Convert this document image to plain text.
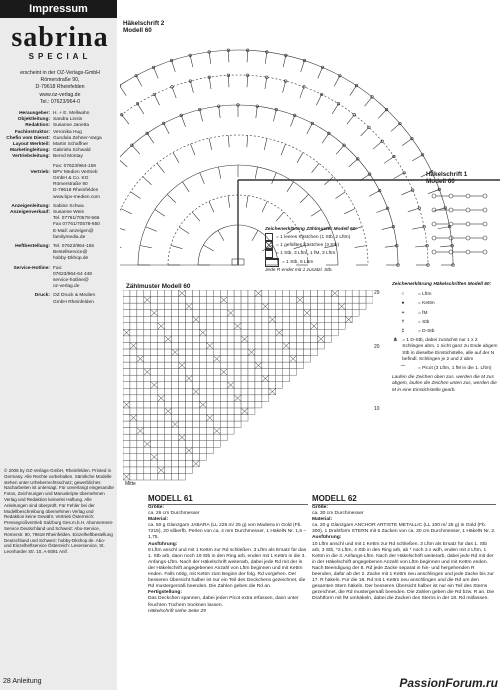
Impressum
sabrina
SPECIAL
erscheint in der OZ-Verlags-GmbH
Römerstraße 90,
D-79618 Rheinfelden
www.oz-verlag.de
Tel.: 07623/964-0
Herausgeber: H. + E. Mellwahn
Objektleitung: Sandra Linsin
Redaktion: Susanne Janetta
Fachinstruktor: Veronika Hug
Chefin vom Dienst: Gundula Zehner-Varga
Layout Werkteil: Martin Schaffner
Marketingleitung: Gabriela Schwald
Vertriebsleitung: Bernd Montay
Fax: 07623/964-159
Vertrieb: BPV Medien Vertrieb
GmbH & Co. KG
Römerstraße 90
D-79618 Rheinfelden
www.bpv-medien.com
Anzeigenleitung: Sabine Schwa
Anzeigenverkauf: Susanne Weis
Tel. 07761/70578-566
Fax 07761/70578-650
E-Mail: anzeigen@
familymedia.de
Heftbestellung: Tel. 07623/964-155
Bestellservice@
hobby-Dkhop.de
Service-Hotline: Fax:
07623/964-64 449
service-hotline@
oz-verlag.de
Druck: OZ Druck & Medien
GmbH Rheinfelden
© 2008 by OZ-Verlags-GmbH, Rheinfelden. Printed in Germany. Alle Rechte vorbehalten. Sämtliche Modelle stehen unter Urheberrechtsschutz; gewerbliches Nacharbeiten ist untersagt. Für unverlangt eingesandte Fotos, Zeichnungen und Manuskripte übernehmen Verlag und Redaktion keinerlei Haftung. Alle Anleitungen sind überprüft. Für Fehler bei der Modellbeschreibung übernehmen Verlag und Redaktion keine Gewähr. Vertrieb Österreich: Pressegroßvertrieb Salzburg Ges.m.b.H. Abonnement-Service Deutschland und Schweiz: Abo-Service, Römerstr. 90, 79618 Rheinfelden. Einzelheftbestellung Deutschland und Schweiz: hobby-Dkshop.de. Abo- und Einzelheftservice Österreich: Leserservice, St. Leonharder Str. 10, A-5081 Anif.
28 Anleitung
Häkelschrift 2
Modell 60
Häkelschrift 1
Modell 60
Zählmuster Modell 60
Zeichenerklärung Zählmuster Modell 60:
= 1 leeres Kästchen (1 Stb, 2 Lftm)
= 1 gefülltes Kästchen (3 Stb)
= 1 Stb, 3 Lftm, 1 fM, 3 Lftm
= 1 Stb, 5 Lftm
Jede R endet mit 1 zusätzl. Stb.
Zeichenerklärung Häkelschriften Modell 60:
○	= Lftm
●	= Kettm
+	= fM
†	= Stb
‡	= D-Stb
⋔ = 1 D-Stb, dabei zunächst nur 1 x 2 Schlingen abm, 1 nicht ganz zu Ende abgem Stb in dieselbe Einstichstelle, alle auf der N befindl. Schlingen je 2 und 2 abm
⌒	= Picot (3 Lftm, 1 fM in die 1. Lftm)
Laufen die Zeichen oben zus. werden die M zus abgem, laufen die Zeichen unten zus, werden die M in eine Einstichstelle gearb.
29
20
10
Mitte
MODELL 61
Größe:
ca. 26 cm Durchmesser
Material:
ca. 50 g Glanzgarn JABARA (LL 225 m/ 25 g) von Madeira in Gold (Fb. 7215), 20 silberfb. Perlen von ca. 4 mm Durchmesser, 1 HäkelN Nr. 1,5 – 1,75.
Ausführung:
8 Lftm anschl und mit 1 Kettm zur Rd schließen. 3 Lftm als Ersatz für das 1. Stb arb, dann noch 19 Stb in den Ring arb, enden mit 1 Kettm in die 3. Anfangs-Lftm. Nach der Häkelschrift weiterarb, dabei jede Rd mit der in der Häkelschrift angegebenen Anzahl von Lftm beginnen und mit Kettm enden. Falls nötig, mit Kettm zum Beginn der folg. Rd vorgehen. Der besseren Übersicht halber ist nur ein Teil des Deckchens gezeichnet, die Rd mustergemäß beenden. Die Zahlen geben die Rd an.
Fertigstellung:
Das Deckchen spannen, dabei jeden Picot extra erfassen, dann unter feuchten Tüchern trocknen lassen.
Häkelschrift siehe Seite 29
MODELL 62
Größe:
ca. 30 cm Durchmesser
Material:
ca. 20 g Glanzgarn ANCHOR ARTISTE METALLIC (LL 100 m/ 25 g) in Gold (Fb. 300), 1 Drahtform STERN mit 5 Zacken von ca. 30 cm Durchmesser, 1 HäkelN Nr. 2.
Ausführung:
10 Lftm anschl und mit 1 Kettm zur Rd schließen. 3 Lftm als Ersatz für das 1. Stb arb, 3 Stb, *2 Lftm, 4 Stb in den Ring arb, ab * noch 3 x wdh, enden mit 2 Lftm, 1 Kettm in die 3. Anfangs-Lftm. Nach der Häkelschrift weiterarb, dabei jede Rd mit der in der Häkelschrift angegebenen Anzahl von Lftm beginnen und mit Kettm enden. Nach Beendigung der 8. Rd jede Zacke separat in hin- und hergehenden R beenden, dafür ab der 2. Zacke mit 1 Kettm neu anschlingen und jede Zacke bis zur 17. R häkeln. Für die 18. Rd mit 1 Kettm neu anschlingen und die Rd um den gesamten Stern häkeln. Der besseren Übersicht halber ist nur ein Teil des Sterns gezeichnet, die Rd mustergemäß beenden. Die Zahlen geben die Rd bzw. R an. Die Drahtform mit fM umhäkeln, dabei die Zacken des Sterns in der 18. Rd mitfassen.
PassionForum.ru
